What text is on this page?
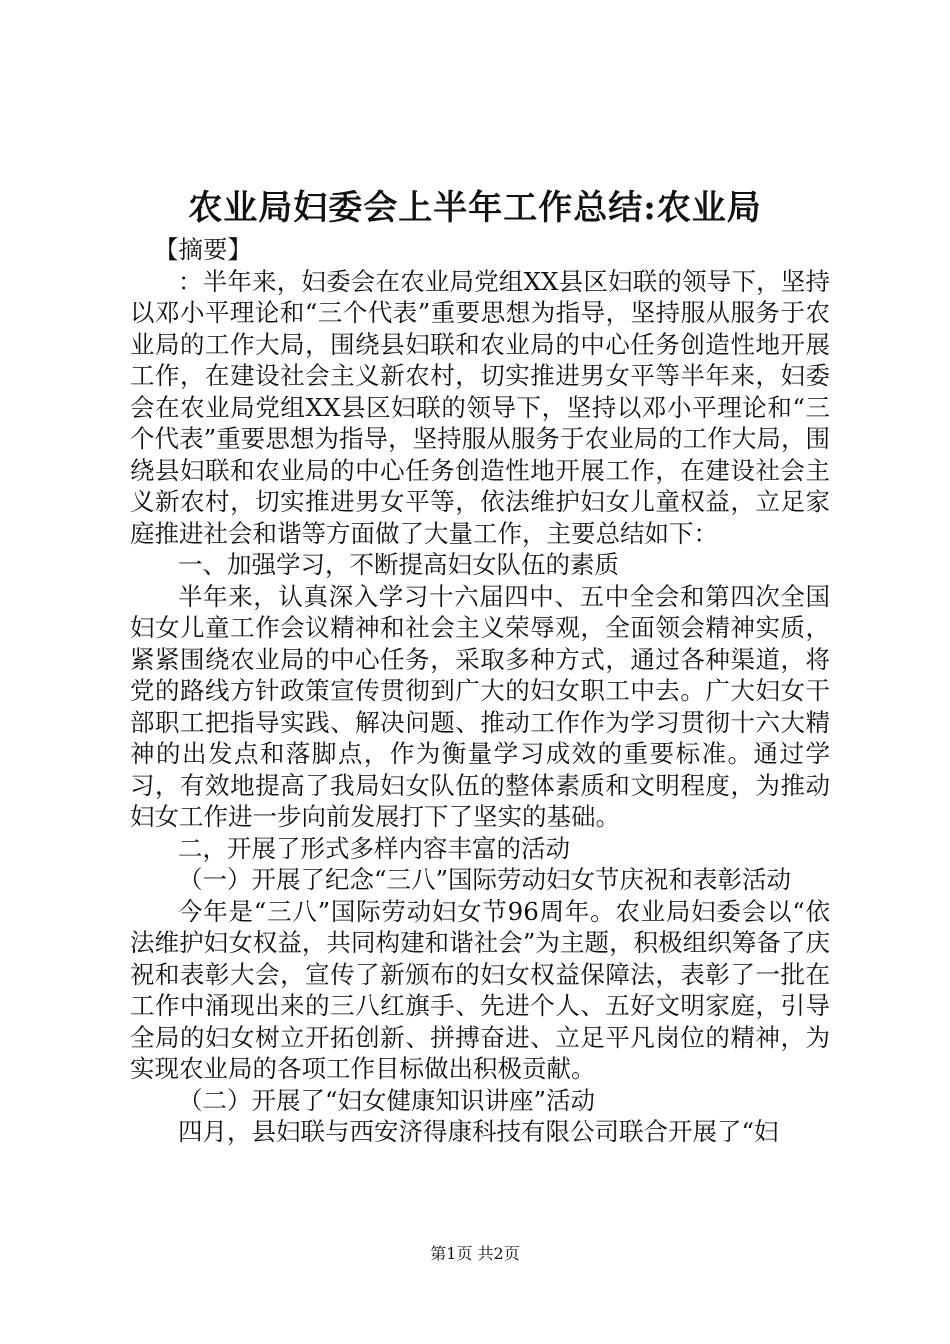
农业局妇委会上半年工作总结:农业局

【摘要】

：半年来，妇委会在农业局党组XX县区妇联的领导下，坚持以邓小平理论和“三个代表”重要思想为指导，坚持服从服务于农业局的工作大局，围绕县妇联和农业局的中心任务创造性地开展工作，在建设社会主义新农村，切实推进男女平等半年来，妇委会在农业局党组XX县区妇联的领导下，坚持以邓小平理论和“三个代表”重要思想为指导，坚持服从服务于农业局的工作大局，围绕县妇联和农业局的中心任务创造性地开展工作，在建设社会主义新农村，切实推进男女平等，依法维护妇女儿童权益，立足家庭推进社会和谐等方面做了大量工作，主要总结如下：

一、加强学习，不断提高妇女队伍的素质

半年来，认真深入学习十六届四中、五中全会和第四次全国妇女儿童工作会议精神和社会主义荣辱观，全面领会精神实质，紧紧围绕农业局的中心任务，采取多种方式，通过各种渠道，将党的路线方针政策宣传贯彻到广大的妇女职工中去。广大妇女干部职工把指导实践、解决问题、推动工作作为学习贯彻十六大精神的出发点和落脚点，作为衡量学习成效的重要标准。通过学习，有效地提高了我局妇女队伍的整体素质和文明程度，为推动妇女工作进一步向前发展打下了坚实的基础。

二，开展了形式多样内容丰富的活动

（一）开展了纪念“三八”国际劳动妇女节庆祝和表彰活动

今年是“三八”国际劳动妇女节96周年。农业局妇委会以“依法维护妇女权益，共同构建和谐社会”为主题，积极组织筹备了庆祝和表彰大会，宣传了新颁布的妇女权益保障法，表彰了一批在工作中涌现出来的三八红旗手、先进个人、五好文明家庭，引导全局的妇女树立开拓创新、拼搏奋进、立足平凡岗位的精神，为实现农业局的各项工作目标做出积极贡献。

（二）开展了“妇女健康知识讲座”活动

四月，县妇联与西安济得康科技有限公司联合开展了“妇

第1页 共2页
